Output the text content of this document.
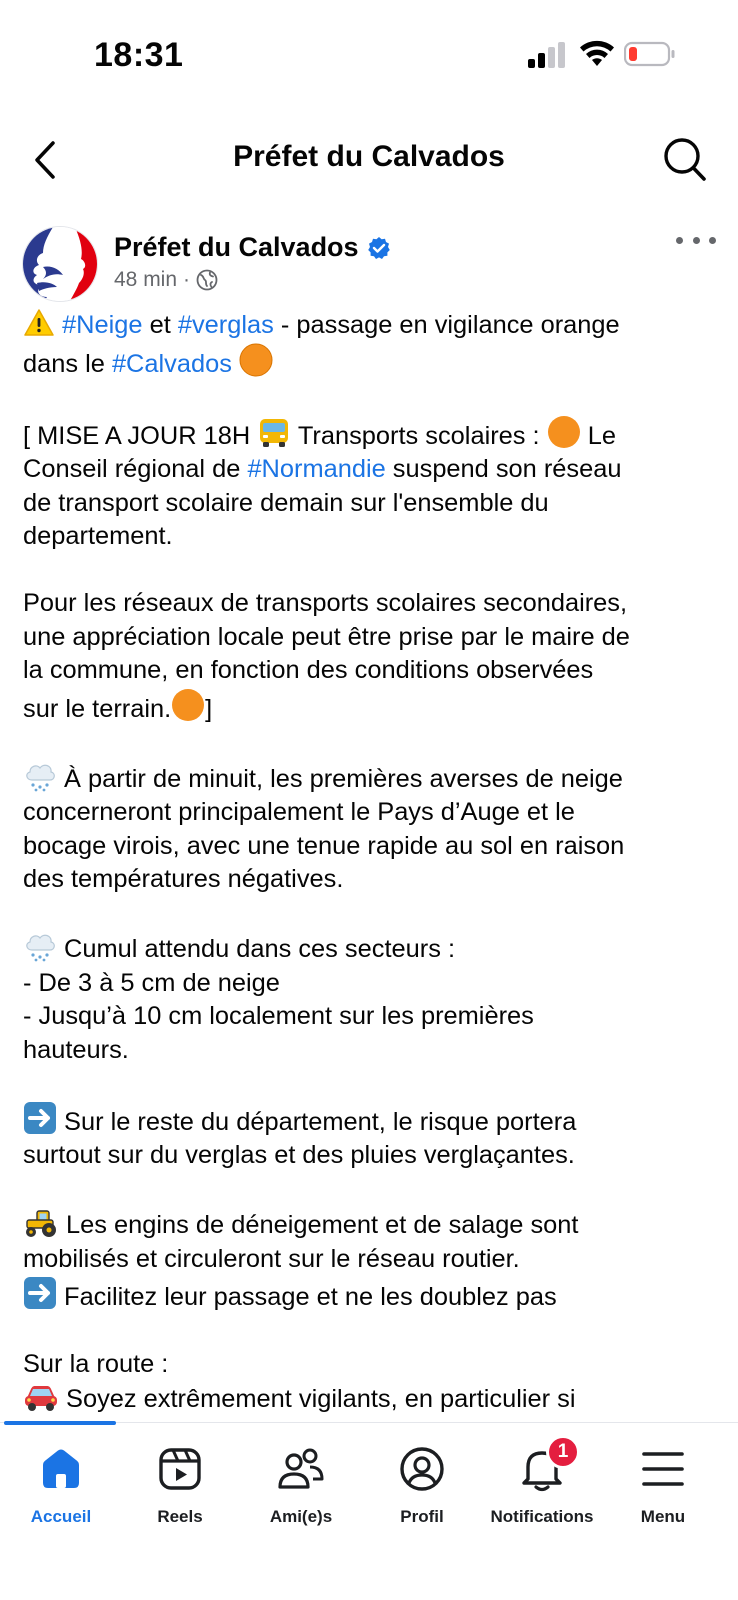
18:31
Préfet du Calvados
Préfet du Calvados
48 min ·

#Neige et #verglas - passage en vigilance orange

dans le #Calvados

[ MISE A JOUR 18H  Transports scolaires :  Le

Conseil régional de #Normandie suspend son réseau

de transport scolaire demain sur l'ensemble du

departement.

Pour les réseaux de transports scolaires secondaires,

une appréciation locale peut être prise par le maire de

la commune, en fonction des conditions observées

sur le terrain. ]

À partir de minuit, les premières averses de neige

concerneront principalement le Pays d’Auge et le

bocage virois, avec une tenue rapide au sol en raison

des températures négatives.

Cumul attendu dans ces secteurs :

- De 3 à 5 cm de neige

- Jusqu’à 10 cm localement sur les premières

hauteurs.

Sur le reste du département, le risque portera

surtout sur du verglas et des pluies verglaçantes.

Les engins de déneigement et de salage sont

mobilisés et circuleront sur le réseau routier.

Facilitez leur passage et ne les doublez pas

Sur la route :

Soyez extrêmement vigilants, en particulier si

Accueil	Reels	Ami(e)s	Profil
1
Notifications	Menu
